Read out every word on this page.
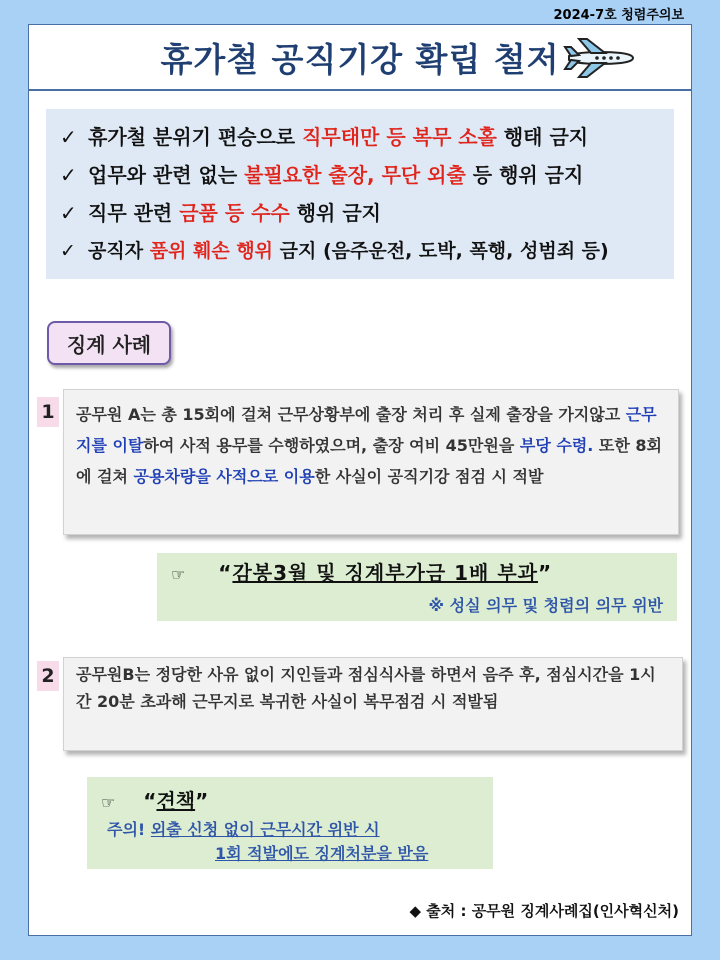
2024-7호 청렴주의보
휴가철 공직기강 확립 철저
✓ 휴가철 분위기 편승으로 직무태만 등 복무 소홀 행태 금지
✓ 업무와 관련 없는 불필요한 출장, 무단 외출 등 행위 금지
✓ 직무 관련 금품 등 수수 행위 금지
✓ 공직자 품위 훼손 행위 금지 (음주운전, 도박, 폭행, 성범죄 등)
징계 사례
1	공무원 A는 총 15회에 걸쳐 근무상황부에 출장 처리 후 실제 출장을 가지않고 근무지를 이탈하여 사적 용무를 수행하였으며, 출장 여비 45만원을 부당 수령. 또한 8회에 걸쳐 공용차량을 사적으로 이용한 사실이 공직기강 점검 시 적발
☞ “감봉3월 및 징계부가금 1배 부과”
※ 성실 의무 및 청렴의 의무 위반
2	공무원B는 정당한 사유 없이 지인들과 점심식사를 하면서 음주 후, 점심시간을 1시간 20분 초과해 근무지로 복귀한 사실이 복무점검 시 적발됨
☞ “견책”
주의! 외출 신청 없이 근무시간 위반 시
1회 적발에도 징계처분을 받음
◆ 출처 : 공무원 징계사례집(인사혁신처)
